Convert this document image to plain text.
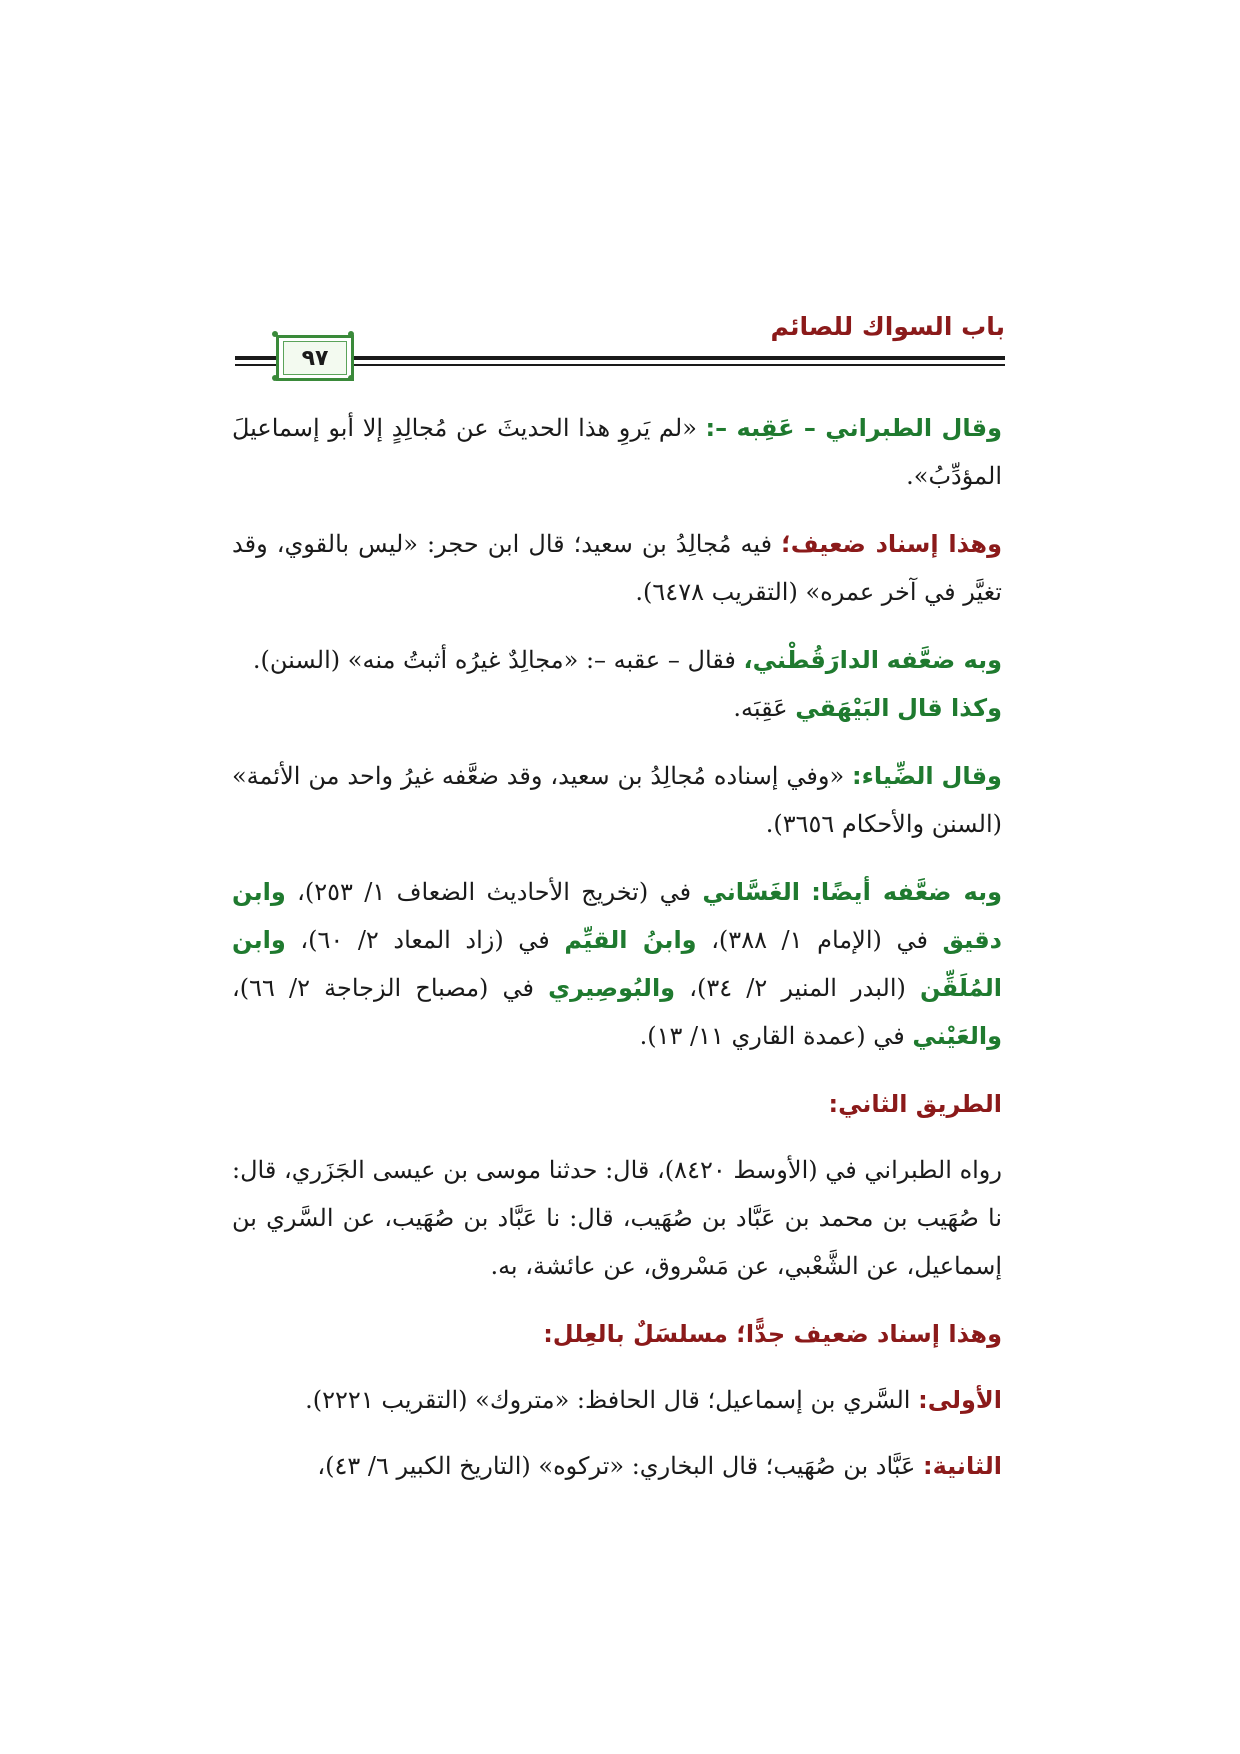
باب السواك للصائم
٩٧

وقال الطبراني – عَقِبه –: «لم يَروِ هذا الحديثَ عن مُجالِدٍ إلا أبو إسماعيلَ المؤدِّبُ».

وهذا إسناد ضعيف؛ فيه مُجالِدُ بن سعيد؛ قال ابن حجر: «ليس بالقوي، وقد تغيَّر في آخر عمره» (التقريب ٦٤٧٨).

وبه ضعَّفه الدارَقُطْني، فقال – عقبه –: «مجالِدٌ غيرُه أثبتُ منه» (السنن).
وكذا قال البَيْهَقي عَقِبَه.

وقال الضِّياء: «وفي إسناده مُجالِدُ بن سعيد، وقد ضعَّفه غيرُ واحد من الأئمة» (السنن والأحكام ٣٦٥٦).

وبه ضعَّفه أيضًا: الغَسَّاني في (تخريج الأحاديث الضعاف ١/ ٢٥٣)، وابن دقيق في (الإمام ١/ ٣٨٨)، وابنُ القيِّم في (زاد المعاد ٢/ ٦٠)، وابن المُلَقِّن (البدر المنير ٢/ ٣٤)، والبُوصِيري في (مصباح الزجاجة ٢/ ٦٦)، والعَيْني في (عمدة القاري ١١/ ١٣).

الطريق الثاني:

رواه الطبراني في (الأوسط ٨٤٢٠)، قال: حدثنا موسى بن عيسى الجَزَري، قال: نا صُهَيب بن محمد بن عَبَّاد بن صُهَيب، قال: نا عَبَّاد بن صُهَيب، عن السَّري بن إسماعيل، عن الشَّعْبي، عن مَسْروق، عن عائشة، به.

وهذا إسناد ضعيف جدًّا؛ مسلسَلٌ بالعِلل:

الأولى: السَّري بن إسماعيل؛ قال الحافظ: «متروك» (التقريب ٢٢٢١).

الثانية: عَبَّاد بن صُهَيب؛ قال البخاري: «تركوه» (التاريخ الكبير ٦/ ٤٣)،
